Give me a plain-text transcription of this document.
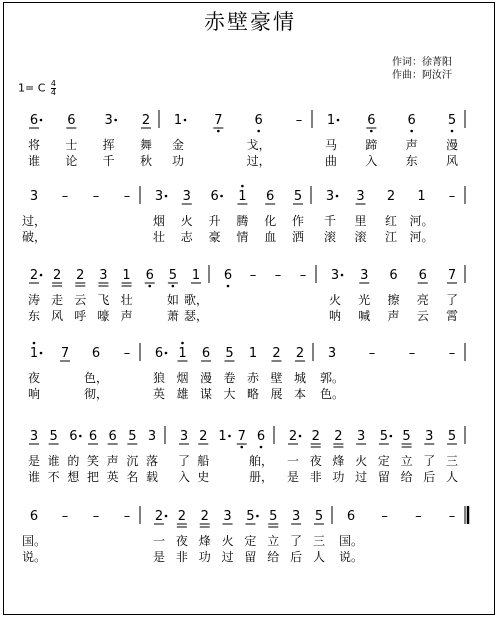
赤壁豪情
作词：徐菁阳
作曲：阿汝汗
1= C $\frac{4}{4}$
6
将
谁
6
士
论
3
挥
千
2
舞
秋
1
金
功
7 6
戈，
过，
– 1
马
曲
6
蹄
入
6
声
东
5
漫
风
3
过，
破，
– – – 3
烟
壮
3
火
志
6
升
豪
1
腾
情
6
化
血
5
作
洒
3
千
滚
3
里
滚
2
红
江
1
河。
河。
–
2
涛
东
2
走
风
2
云
呼
3
飞
嚎
1
壮
声
6 5
如
萧
1
歌，
瑟，
6 – – – 3
火
呐
3
光
喊
6
擦
声
6
亮
云
7
了
霄
1
夜
响
7 6
色，
彻，
– 6
狼
英
1
烟
雄
6
漫
谋
5
卷
大
1
赤
略
2
壁
展
2
城
本
3
郭。
色。
–	–	–
3
是
谁
5
谁
不
6
的
想
6
笑
把
6
声
英
5
沉
名
3
落
载
3
了
入
2
船
史
1 7 6
舶，
册，
2
一
是
2
夜
非
2
烽
功
3
火
过
5
定
留
5
立
给
3
了
后
5
三
人
6
国。
说。
– – – 2
一
是
2
夜
非
2
烽
功
3
火
过
5
定
留
5
立
给
3
了
后
5
三
人
6
国。
说。
– – –
